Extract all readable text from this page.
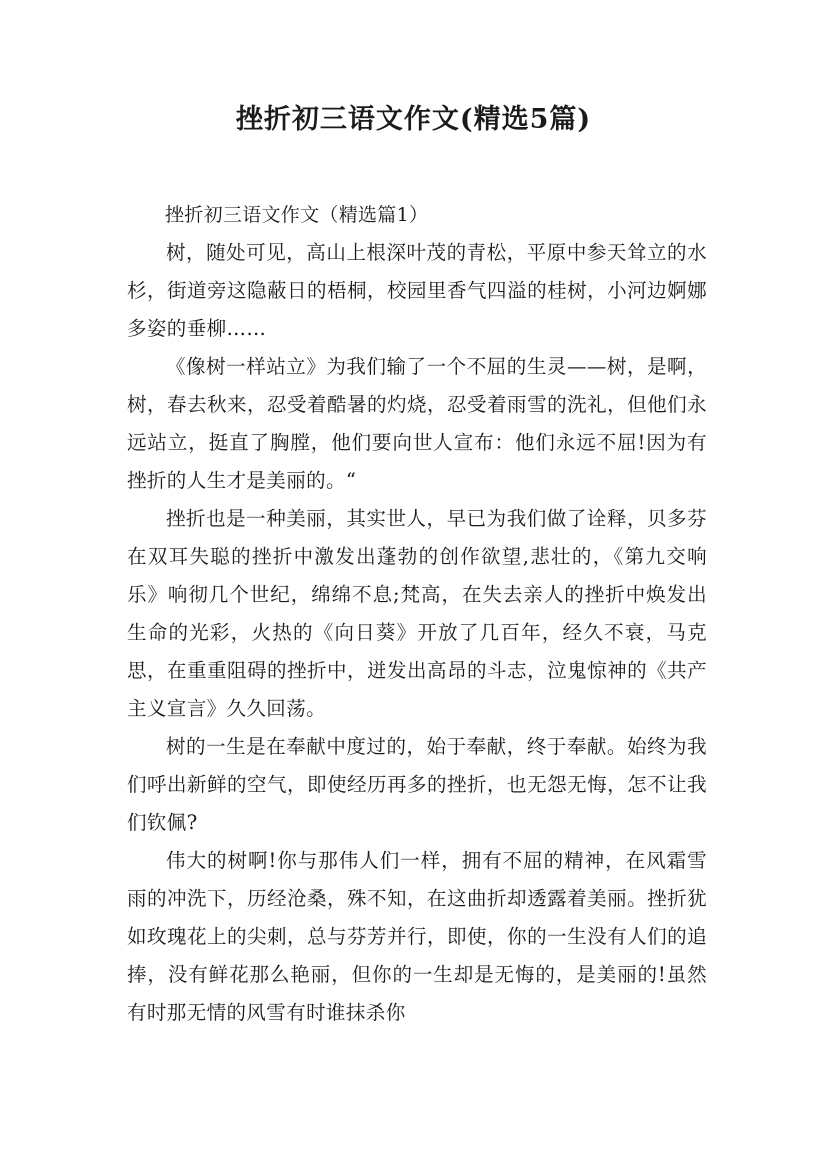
挫折初三语文作文(精选5篇)

挫折初三语文作文（精选篇1）

树，随处可见，高山上根深叶茂的青松，平原中参天耸立的水杉，街道旁这隐蔽日的梧桐，校园里香气四溢的桂树，小河边婀娜多姿的垂柳……

《像树一样站立》为我们输了一个不屈的生灵——树，是啊，树，春去秋来，忍受着酷暑的灼烧，忍受着雨雪的洗礼，但他们永远站立，挺直了胸膛，他们要向世人宣布：他们永远不屈!因为有挫折的人生才是美丽的。“

挫折也是一种美丽，其实世人，早已为我们做了诠释，贝多芬在双耳失聪的挫折中激发出蓬勃的创作欲望,悲壮的，《第九交响乐》响彻几个世纪，绵绵不息;梵高，在失去亲人的挫折中焕发出生命的光彩，火热的《向日葵》开放了几百年，经久不衰，马克思，在重重阻碍的挫折中，迸发出高昂的斗志，泣鬼惊神的《共产主义宣言》久久回荡。

树的一生是在奉献中度过的，始于奉献，终于奉献。始终为我们呼出新鲜的空气，即使经历再多的挫折，也无怨无悔，怎不让我们钦佩?

伟大的树啊!你与那伟人们一样，拥有不屈的精神，在风霜雪雨的冲洗下，历经沧桑，殊不知，在这曲折却透露着美丽。挫折犹如玫瑰花上的尖刺，总与芬芳并行，即使，你的一生没有人们的追捧，没有鲜花那么艳丽，但你的一生却是无悔的，是美丽的!虽然有时那无情的风雪有时谁抹杀你
